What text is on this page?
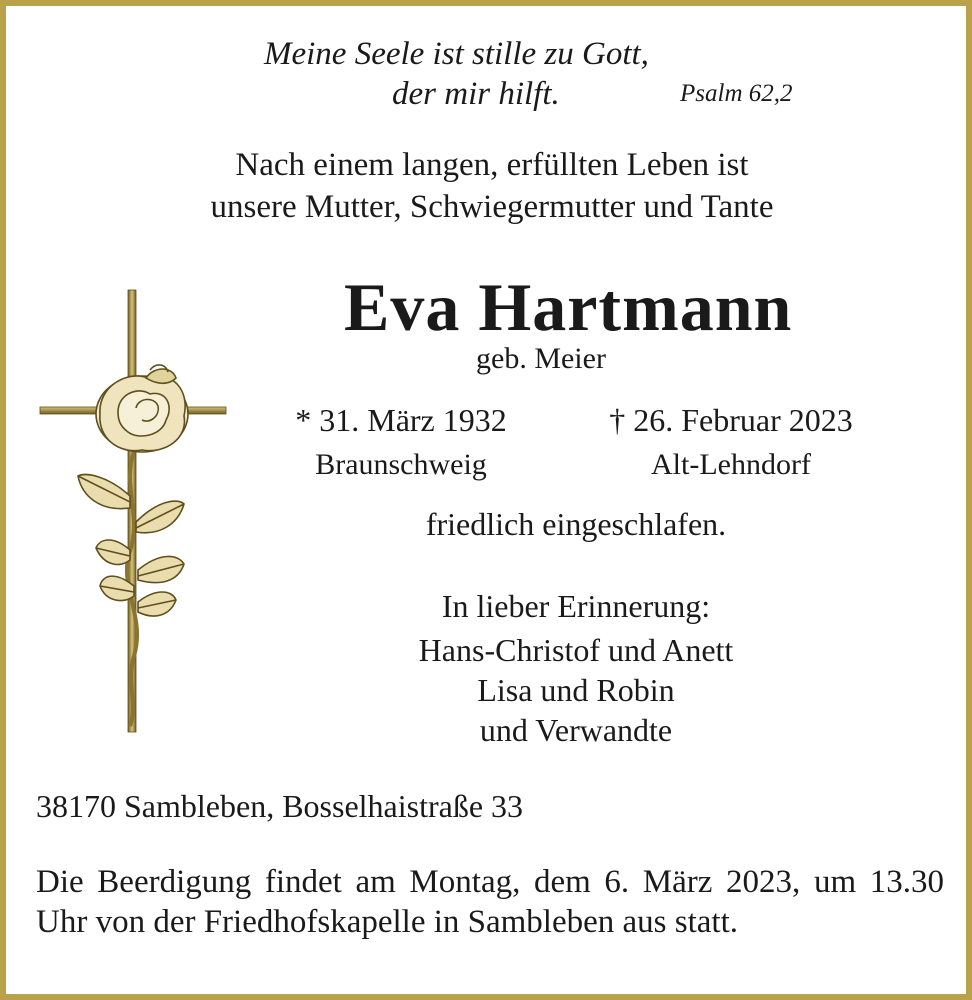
Meine Seele ist stille zu Gott,
der mir hilft.	Psalm 62,2
Nach einem langen, erfüllten Leben ist
unsere Mutter, Schwiegermutter und Tante
Eva Hartmann
geb. Meier
* 31. März 1932
Braunschweig
† 26. Februar 2023
Alt-Lehndorf
friedlich eingeschlafen.
In lieber Erinnerung:
Hans-Christof und Anett
Lisa und Robin
und Verwandte
38170 Sambleben, Bosselhaistraße 33
Die Beerdigung findet am Montag, dem 6. März 2023, um 13.30 Uhr von der Friedhofskapelle in Sambleben aus statt.
